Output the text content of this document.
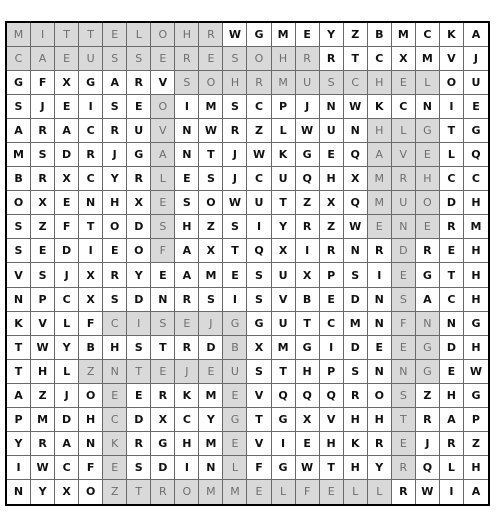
M	I	T	T	E	L	O	H	R	W	G	M	E	Y	Z	B	M	C	K	A
C	A	E	U	S	S	E	R	E	S	O	H	R	R	T	C	X	M	V	J
G	F	X	G	A	R	V	S	O	H	R	M	U	S	C	H	E	L	O	U
S	J	E	I	S	E	O	I	M	S	C	P	J	N	W	K	C	N	I	E
A	R	A	C	R	U	V	N	W	R	Z	L	W	U	N	H	L	G	T	G
M	S	D	R	J	G	A	N	T	J	W	K	G	E	Q	A	V	E	L	Q
B	R	X	C	Y	R	L	E	S	J	C	U	Q	H	X	M	R	H	C	C
O	X	E	N	H	X	E	S	O	W	U	T	Z	X	Q	M	U	O	D	H
S	Z	F	T	O	D	S	H	Z	S	I	Y	R	Z	W	E	N	E	R	M
S	E	D	I	E	O	F	A	X	T	Q	X	I	R	N	R	D	R	E	H
V	S	J	X	R	Y	E	A	M	E	S	U	X	P	S	I	E	G	T	H
N	P	C	X	S	D	N	R	S	I	S	V	B	E	D	N	S	A	C	H
K	V	L	F	C	I	S	E	J	G	G	U	T	C	M	N	F	N	N	G
T	W	Y	B	H	S	T	R	D	B	X	M	G	I	D	E	E	G	D	H
T	H	L	Z	N	T	E	J	E	U	S	T	H	P	S	N	N	G	E	W
A	Z	J	O	E	E	R	K	M	E	V	Q	Q	Q	R	O	S	Z	H	G
P	M	D	H	C	D	X	C	Y	G	T	G	X	V	H	H	T	R	A	P
Y	R	A	N	K	R	G	H	M	E	V	I	E	H	K	R	E	J	R	Z
I	W	C	F	E	S	D	I	N	L	F	G	W	T	H	Y	R	Q	L	H
N	Y	X	O	Z	T	R	O	M	M	E	L	F	E	L	L	R	W	I	A
